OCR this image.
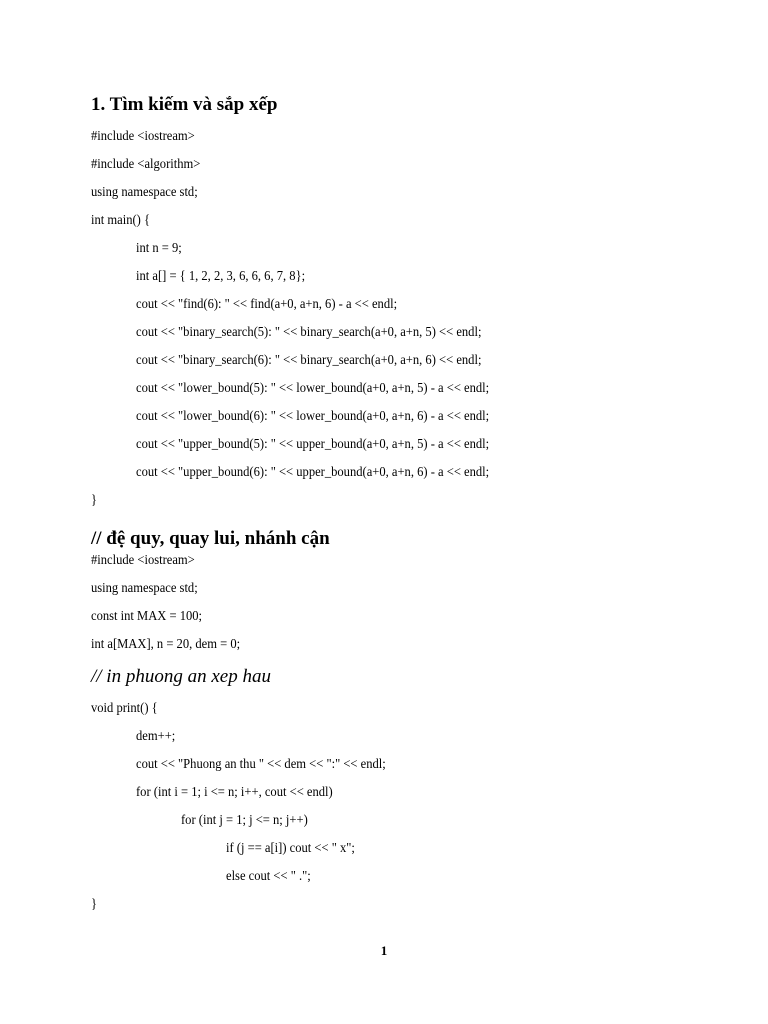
1. Tìm kiếm và sắp xếp
#include <iostream>
#include <algorithm>
using namespace std;
int main() {
int n = 9;
int a[] = { 1, 2, 2, 3, 6, 6, 6, 7, 8};
cout << "find(6): " << find(a+0, a+n, 6) - a << endl;
cout << "binary_search(5): " << binary_search(a+0, a+n, 5) << endl;
cout << "binary_search(6): " << binary_search(a+0, a+n, 6) << endl;
cout << "lower_bound(5): " << lower_bound(a+0, a+n, 5) - a << endl;
cout << "lower_bound(6): " << lower_bound(a+0, a+n, 6) - a << endl;
cout << "upper_bound(5): " << upper_bound(a+0, a+n, 5) - a << endl;
cout << "upper_bound(6): " << upper_bound(a+0, a+n, 6) - a << endl;
}
// đệ quy, quay lui, nhánh cận
#include <iostream>
using namespace std;
const int MAX = 100;
int a[MAX], n = 20, dem = 0;
// in phuong an xep hau
void print() {
dem++;
cout << "Phuong an thu " << dem << ":" << endl;
for (int i = 1; i <= n; i++, cout << endl)
for (int j = 1; j <= n; j++)
if (j == a[i]) cout << " x";
else cout << " .";
}
1
